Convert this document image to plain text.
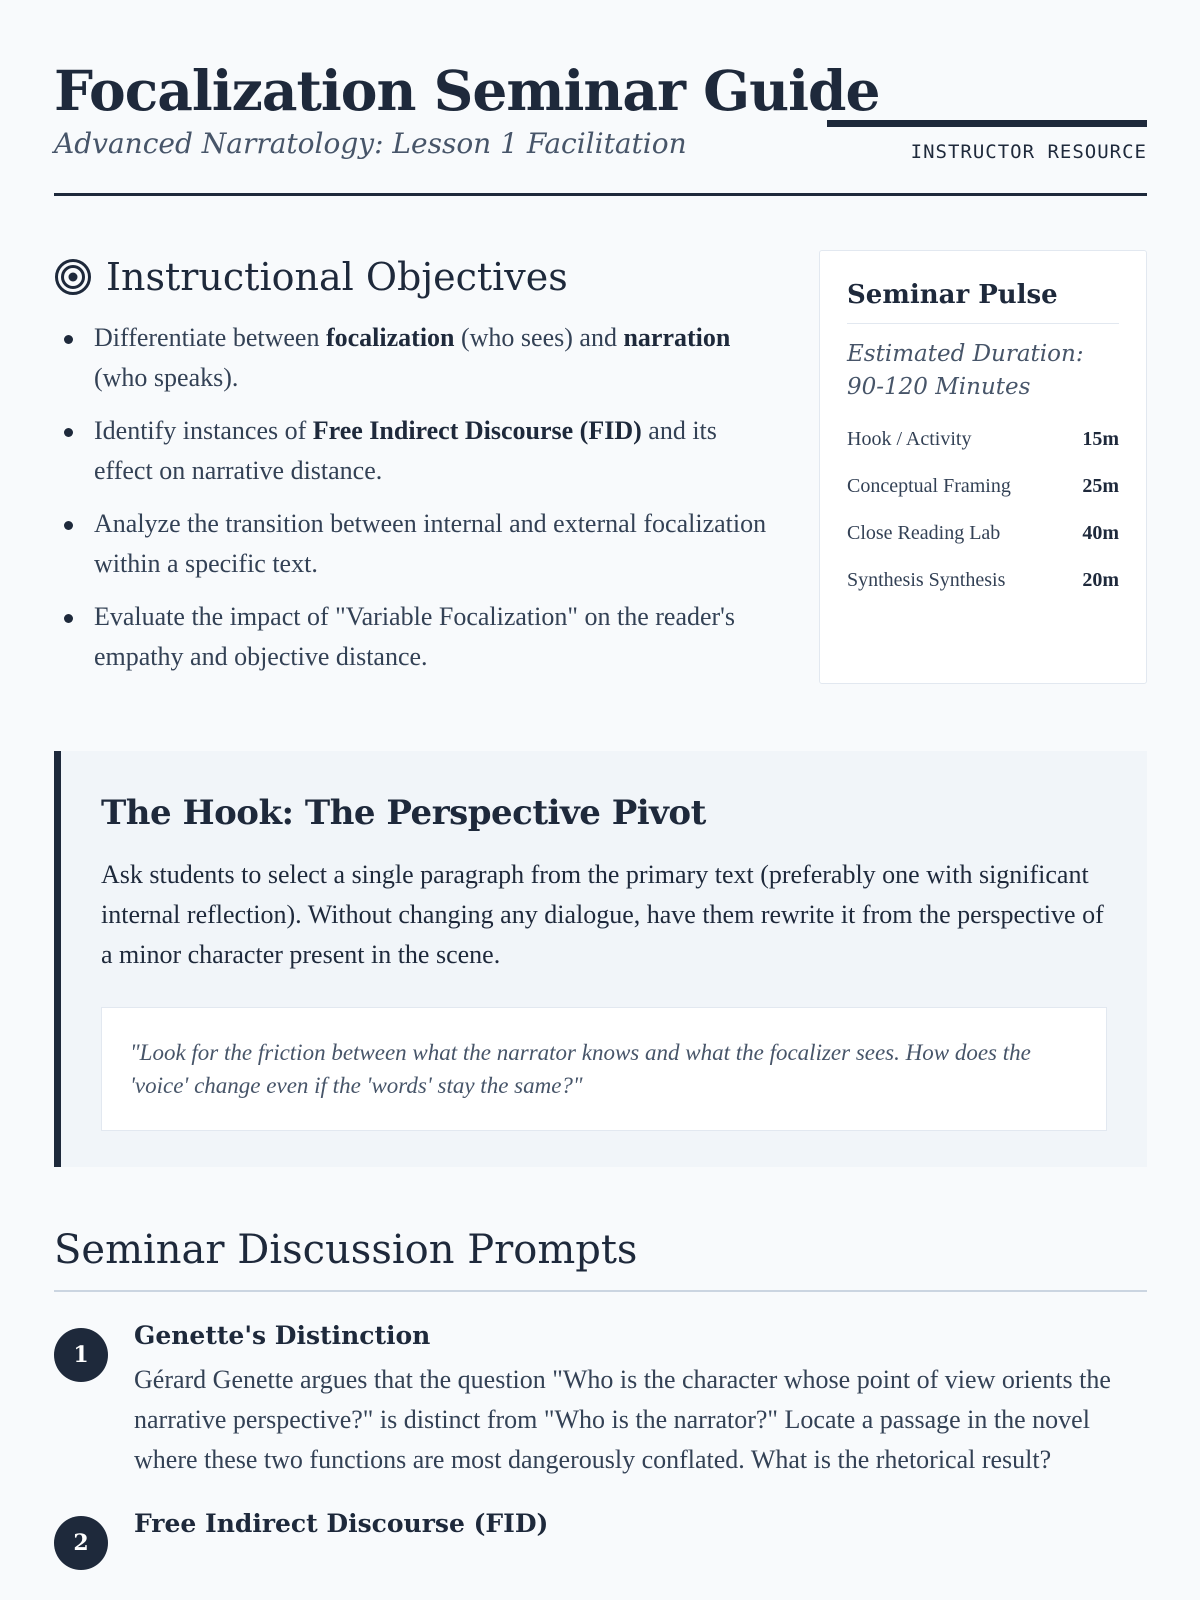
Focalization Seminar Guide
Advanced Narratology: Lesson 1 Facilitation	INSTRUCTOR RESOURCE
Instructional Objectives
Differentiate between focalization (who sees) and narration (who speaks).
Identify instances of Free Indirect Discourse (FID) and its effect on narrative distance.
Analyze the transition between internal and external focalization within a specific text.
Evaluate the impact of "Variable Focalization" on the reader's empathy and objective distance.
Seminar Pulse
Estimated Duration: 90-120 Minutes
Hook / Activity	15m
Conceptual Framing	25m
Close Reading Lab	40m
Synthesis Synthesis	20m
The Hook: The Perspective Pivot

Ask students to select a single paragraph from the primary text (preferably one with significant internal reflection). Without changing any dialogue, have them rewrite it from the perspective of a minor character present in the scene.

"Look for the friction between what the narrator knows and what the focalizer sees. How does the 'voice' change even if the 'words' stay the same?"
Seminar Discussion Prompts
1
Genette's Distinction
Gérard Genette argues that the question "Who is the character whose point of view orients the narrative perspective?" is distinct from "Who is the narrator?" Locate a passage in the novel where these two functions are most dangerously conflated. What is the rhetorical result?
2
Free Indirect Discourse (FID)
